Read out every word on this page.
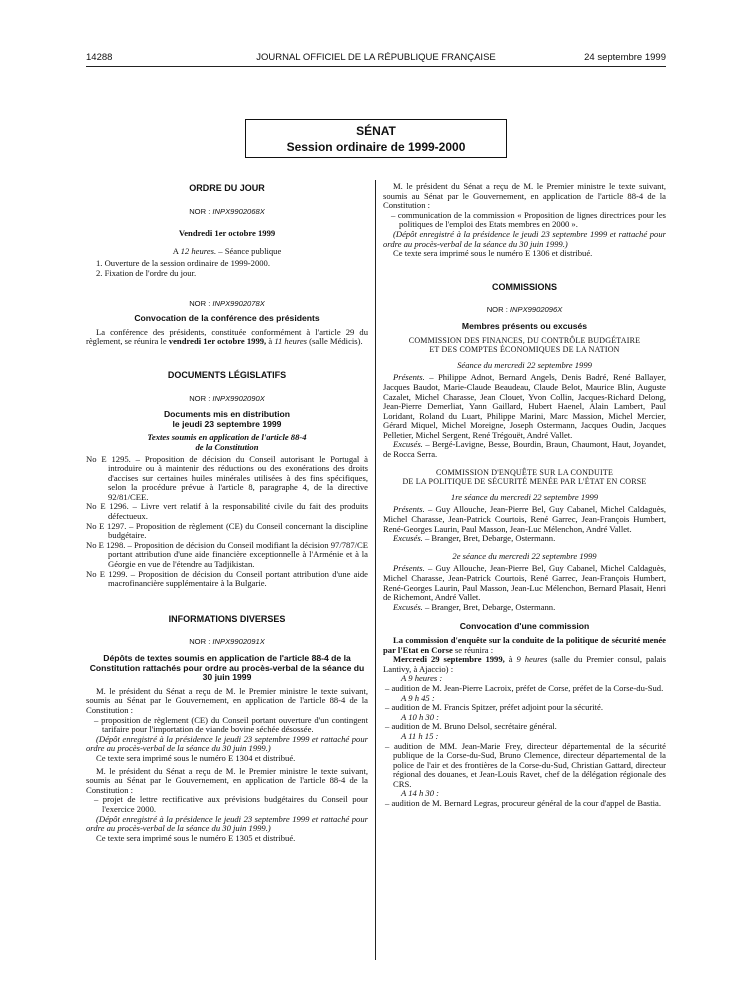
14288	JOURNAL OFFICIEL DE LA RÉPUBLIQUE FRANÇAISE	24 septembre 1999
SÉNAT
Session ordinaire de 1999-2000

ORDRE DU JOUR

NOR : INPX9902068X

Vendredi 1er octobre 1999

A 12 heures. – Séance publique

1. Ouverture de la session ordinaire de 1999-2000.

2. Fixation de l'ordre du jour.

NOR : INPX9902078X

Convocation de la conférence des présidents

La conférence des présidents, constituée conformément à l'article 29 du règlement, se réunira le vendredi 1er octobre 1999, à 11 heures (salle Médicis).

DOCUMENTS LÉGISLATIFS

NOR : INPX9902090X

Documents mis en distribution

le jeudi 23 septembre 1999

Textes soumis en application de l'article 88-4

de la Constitution

No E 1295. – Proposition de décision du Conseil autorisant le Portugal à introduire ou à maintenir des réductions ou des exonérations des droits d'accises sur certaines huiles minérales utilisées à des fins spécifiques, selon la procédure prévue à l'article 8, paragraphe 4, de la directive 92/81/CEE.

No E 1296. – Livre vert relatif à la responsabilité civile du fait des produits défectueux.

No E 1297. – Proposition de règlement (CE) du Conseil concernant la discipline budgétaire.

No E 1298. – Proposition de décision du Conseil modifiant la décision 97/787/CE portant attribution d'une aide financière exceptionnelle à l'Arménie et à la Géorgie en vue de l'étendre au Tadjikistan.

No E 1299. – Proposition de décision du Conseil portant attribution d'une aide macrofinancière supplémentaire à la Bulgarie.

INFORMATIONS DIVERSES

NOR : INPX9902091X

Dépôts de textes soumis en application de l'article 88-4 de la Constitution rattachés pour ordre au procès-verbal de la séance du 30 juin 1999

M. le président du Sénat a reçu de M. le Premier ministre le texte suivant, soumis au Sénat par le Gouvernement, en application de l'article 88-4 de la Constitution :

– proposition de règlement (CE) du Conseil portant ouverture d'un contingent tarifaire pour l'importation de viande bovine séchée désossée.

(Dépôt enregistré à la présidence le jeudi 23 septembre 1999 et rattaché pour ordre au procès-verbal de la séance du 30 juin 1999.)

Ce texte sera imprimé sous le numéro E 1304 et distribué.

M. le président du Sénat a reçu de M. le Premier ministre le texte suivant, soumis au Sénat par le Gouvernement, en application de l'article 88-4 de la Constitution :

– projet de lettre rectificative aux prévisions budgétaires du Conseil pour l'exercice 2000.

(Dépôt enregistré à la présidence le jeudi 23 septembre 1999 et rattaché pour ordre au procès-verbal de la séance du 30 juin 1999.)

Ce texte sera imprimé sous le numéro E 1305 et distribué.

M. le président du Sénat a reçu de M. le Premier ministre le texte suivant, soumis au Sénat par le Gouvernement, en application de l'article 88-4 de la Constitution :

– communication de la commission « Proposition de lignes directrices pour les politiques de l'emploi des Etats membres en 2000 ».

(Dépôt enregistré à la présidence le jeudi 23 septembre 1999 et rattaché pour ordre au procès-verbal de la séance du 30 juin 1999.)

Ce texte sera imprimé sous le numéro E 1306 et distribué.

COMMISSIONS

NOR : INPX9902096X

Membres présents ou excusés

COMMISSION DES FINANCES, DU CONTRÔLE BUDGÉTAIRE

ET DES COMPTES ÉCONOMIQUES DE LA NATION

Séance du mercredi 22 septembre 1999

Présents. – Philippe Adnot, Bernard Angels, Denis Badré, René Ballayer, Jacques Baudot, Marie-Claude Beaudeau, Claude Belot, Maurice Blin, Auguste Cazalet, Michel Charasse, Jean Clouet, Yvon Collin, Jacques-Richard Delong, Jean-Pierre Demerliat, Yann Gaillard, Hubert Haenel, Alain Lambert, Paul Loridant, Roland du Luart, Philippe Marini, Marc Massion, Michel Mercier, Gérard Miquel, Michel Moreigne, Joseph Ostermann, Jacques Oudin, Jacques Pelletier, Michel Sergent, René Trégouët, André Vallet.

Excusés. – Bergé-Lavigne, Besse, Bourdin, Braun, Chaumont, Haut, Joyandet, de Rocca Serra.

COMMISSION D'ENQUÊTE SUR LA CONDUITE

DE LA POLITIQUE DE SÉCURITÉ MENÉE PAR L'ÉTAT EN CORSE

1re séance du mercredi 22 septembre 1999

Présents. – Guy Allouche, Jean-Pierre Bel, Guy Cabanel, Michel Caldaguès, Michel Charasse, Jean-Patrick Courtois, René Garrec, Jean-François Humbert, René-Georges Laurin, Paul Masson, Jean-Luc Mélenchon, André Vallet.

Excusés. – Branger, Bret, Debarge, Ostermann.

2e séance du mercredi 22 septembre 1999

Présents. – Guy Allouche, Jean-Pierre Bel, Guy Cabanel, Michel Caldaguès, Michel Charasse, Jean-Patrick Courtois, René Garrec, Jean-François Humbert, René-Georges Laurin, Paul Masson, Jean-Luc Mélenchon, Bernard Plasait, Henri de Richemont, André Vallet.

Excusés. – Branger, Bret, Debarge, Ostermann.

Convocation d'une commission

La commission d'enquête sur la conduite de la politique de sécurité menée par l'Etat en Corse se réunira :

Mercredi 29 septembre 1999, à 9 heures (salle du Premier consul, palais Lantivy, à Ajaccio) :

A 9 heures :

– audition de M. Jean-Pierre Lacroix, préfet de Corse, préfet de la Corse-du-Sud.

A 9 h 45 :

– audition de M. Francis Spitzer, préfet adjoint pour la sécurité.

A 10 h 30 :

– audition de M. Bruno Delsol, secrétaire général.

A 11 h 15 :

– audition de MM. Jean-Marie Frey, directeur départemental de la sécurité publique de la Corse-du-Sud, Bruno Clemence, directeur départemental de la police de l'air et des frontières de la Corse-du-Sud, Christian Gattard, directeur régional des douanes, et Jean-Louis Ravet, chef de la délégation régionale des CRS.

A 14 h 30 :

– audition de M. Bernard Legras, procureur général de la cour d'appel de Bastia.
